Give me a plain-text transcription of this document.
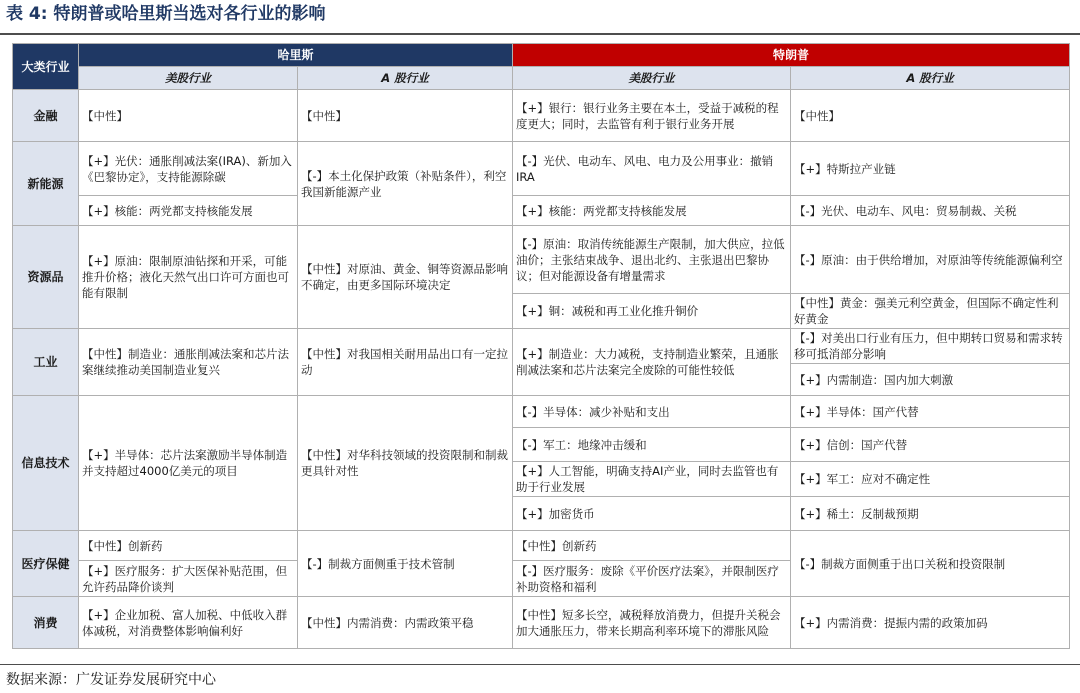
表 4: 特朗普或哈里斯当选对各行业的影响
大类行业	哈里斯		特朗普	
	美股行业	A 股行业	美股行业	A 股行业
金融	【中性】	【中性】	【+】银行：银行业务主要在本土，受益于减税的程度更大；同时，去监管有利于银行业务开展	【中性】
新能源	【+】光伏：通胀削减法案(IRA)、新加入《巴黎协定》，支持能源除碳	【-】本土化保护政策（补贴条件），利空我国新能源产业	【-】光伏、电动车、风电、电力及公用事业：撤销IRA	【+】特斯拉产业链
	【+】核能：两党都支持核能发展		【+】核能：两党都支持核能发展	【-】光伏、电动车、风电：贸易制裁、关税
资源品	【+】原油：限制原油钻探和开采，可能推升价格；液化天然气出口许可方面也可能有限制	【中性】对原油、黄金、铜等资源品影响不确定，由更多国际环境决定	【-】原油：取消传统能源生产限制，加大供应，拉低油价；主张结束战争、退出北约、主张退出巴黎协议；但对能源设备有增量需求	【-】原油：由于供给增加，对原油等传统能源偏利空
			【+】铜：减税和再工业化推升铜价	【中性】黄金：强美元利空黄金，但国际不确定性利好黄金
工业	【中性】制造业：通胀削减法案和芯片法案继续推动美国制造业复兴	【中性】对我国相关耐用品出口有一定拉动	【+】制造业：大力减税，支持制造业繁荣，且通胀削减法案和芯片法案完全废除的可能性较低	【-】对美出口行业有压力，但中期转口贸易和需求转移可抵消部分影响
				【+】内需制造：国内加大刺激
信息技术	【+】半导体：芯片法案激励半导体制造并支持超过4000亿美元的项目	【中性】对华科技领域的投资限制和制裁更具针对性	【-】半导体：减少补贴和支出	【+】半导体：国产代替
			【-】军工：地缘冲击缓和	【+】信创：国产代替
			【+】人工智能，明确支持AI产业，同时去监管也有助于行业发展	【+】军工：应对不确定性
			【+】加密货币	【+】稀土：反制裁预期
医疗保健	【中性】创新药	【-】制裁方面侧重于技术管制	【中性】创新药	【-】制裁方面侧重于出口关税和投资限制
	【+】医疗服务：扩大医保补贴范围，但允许药品降价谈判		【-】医疗服务：废除《平价医疗法案》，并限制医疗补助资格和福利	
消费	【+】企业加税、富人加税、中低收入群体减税，对消费整体影响偏利好	【中性】内需消费：内需政策平稳	【中性】短多长空，减税释放消费力，但提升关税会加大通胀压力，带来长期高利率环境下的滞胀风险	【+】内需消费：提振内需的政策加码
数据来源：广发证券发展研究中心
